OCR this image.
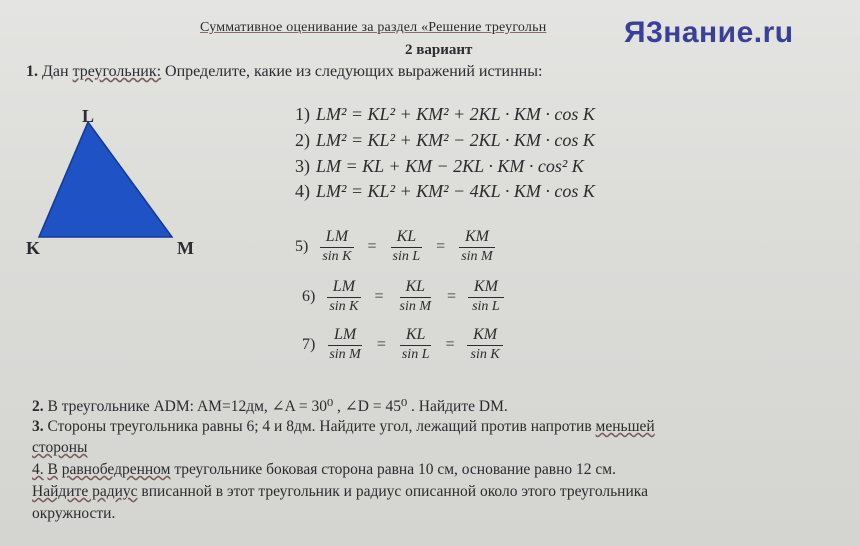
Суммативное оценивание за раздел «Решение треугольн	Я3нание.ru
2 вариант
1. Дан треугольник: Определите, какие из следующих выражений истинны:
L
K	M
1) LM² = KL² + KM² + 2KL · KM · cos K
2) LM² = KL² + KM² − 2KL · KM · cos K
3) LM = KL + KM − 2KL · KM · cos² K
4) LM² = KL² + KM² − 4KL · KM · cos K
$5) \frac{LM}{\text{sin K}} = \frac{KL}{\text{sin L}} = \frac{KM}{\text{sin M}}$
$6) \frac{LM}{\text{sin K}} = \frac{KL}{\text{sin M}} = \frac{KM}{\text{sin L}}$
$7) \frac{LM}{\text{sin M}} = \frac{KL}{\text{sin L}} = \frac{KM}{\text{sin K}}$
2. В треугольнике ADM: AM=12дм, ∠A = 30⁰ , ∠D = 45⁰ . Найдите DM.
3. Стороны треугольника равны 6; 4 и 8дм. Найдите угол, лежащий против напротив меньшей
стороны
4. В равнобедренном треугольнике боковая сторона равна 10 см, основание равно 12 см.
Найдите радиус вписанной в этот треугольник и радиус описанной около этого треугольника
окружности.
